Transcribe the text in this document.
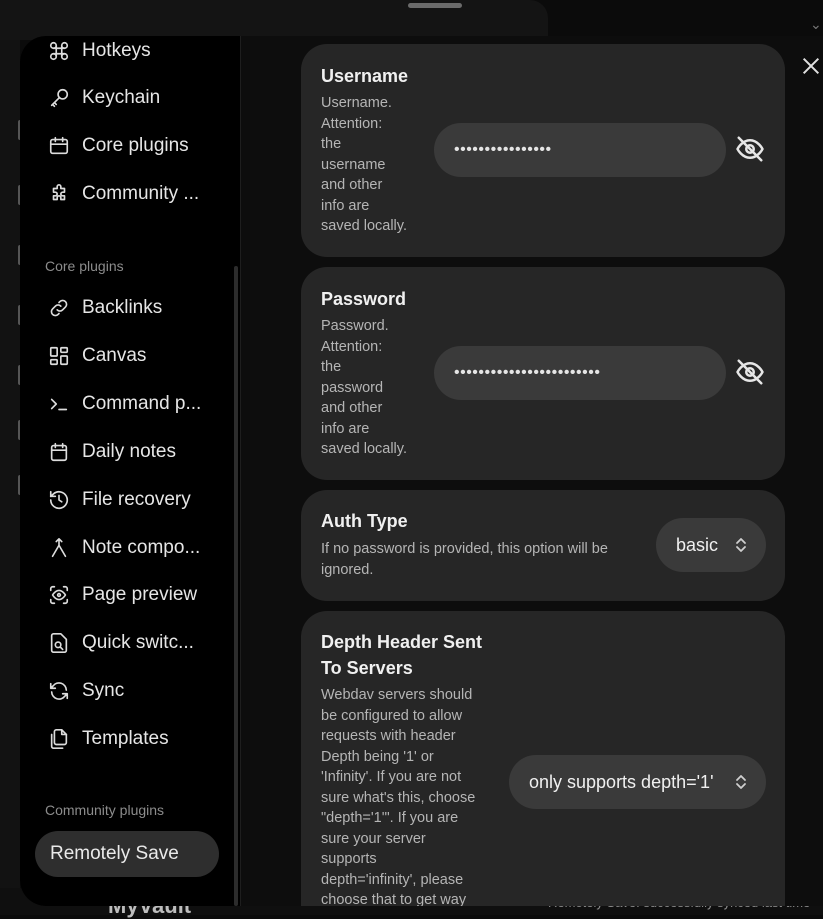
⌄
Hotkeys
Keychain
Core plugins
Community ...
Core plugins
Backlinks
Canvas
Command p...
Daily notes
File recovery
Note compo...
Page preview
Quick switc...
Sync
Templates
Community plugins
Remotely Save
Username
Username.
Attention:
the
username
and other
info are
saved locally.
••••••••••••••••
Password
Password.
Attention:
the
password
and other
info are
saved locally.
••••••••••••••••••••••••
Auth Type
If no password is provided, this option will be
ignored.
basic
Depth Header Sent
To Servers
Webdav servers should
be configured to allow
requests with header
Depth being '1' or
'Infinity'. If you are not
sure what's this, choose
"depth='1'". If you are
sure your server
supports
depth='infinity', please
choose that to get way
only supports depth='1'
